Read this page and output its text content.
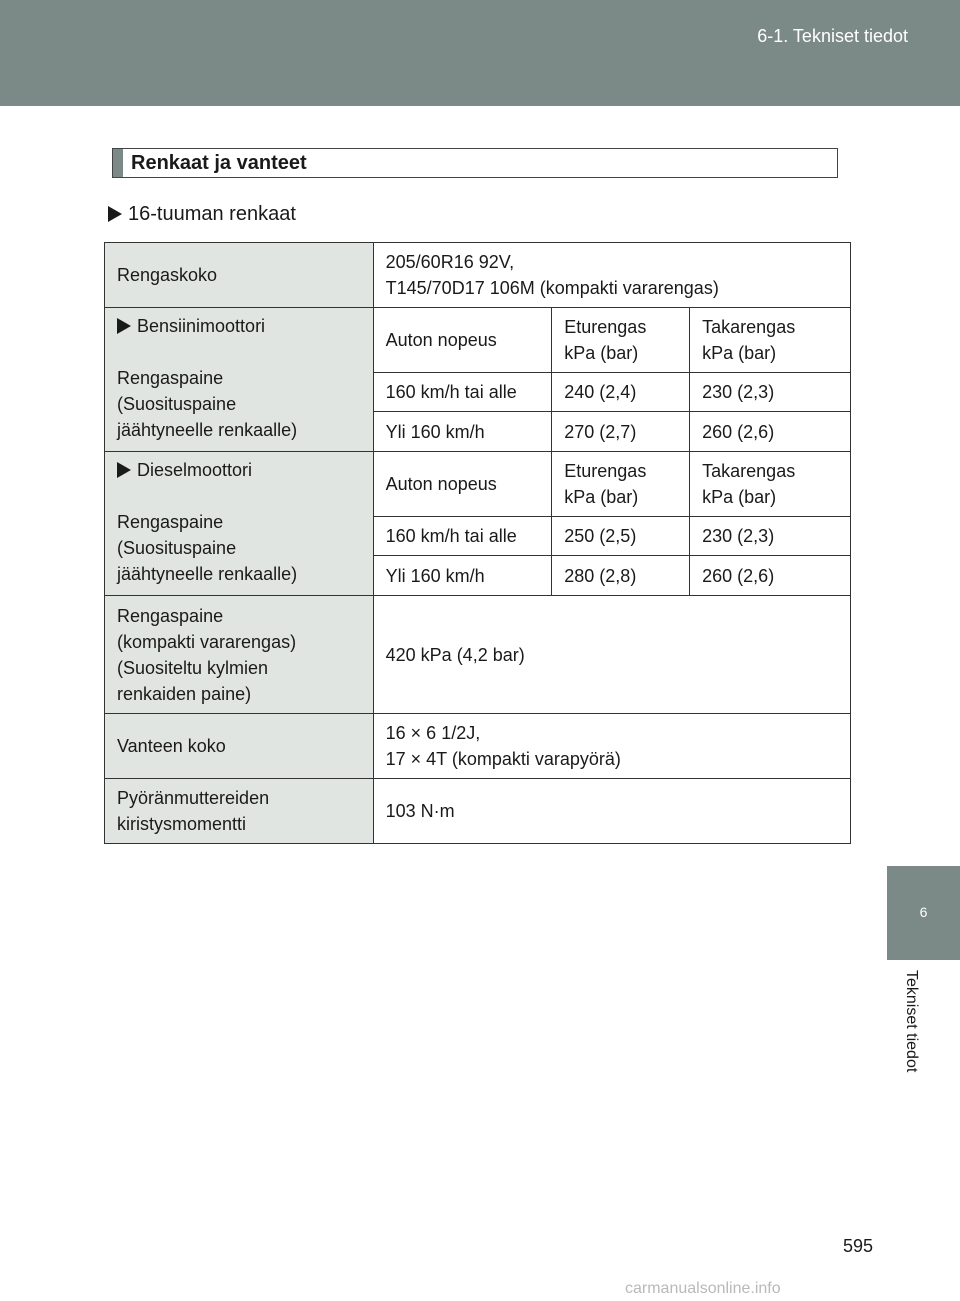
6-1. Tekniset tiedot
6
Tekniset tiedot
Renkaat ja vanteet
16-tuuman renkaat
Rengaskoko	205/60R16 92V,
T145/70D17 106M (kompakti vararengas)		
Bensiinimoottori
Rengaspaine
(Suosituspaine
jäähtyneelle renkaalle)	Auton nopeus	Eturengas
kPa (bar)	Takarengas
kPa (bar)
	160 km/h tai alle	240 (2,4)	230 (2,3)
	Yli 160 km/h	270 (2,7)	260 (2,6)
Dieselmoottori
Rengaspaine
(Suosituspaine
jäähtyneelle renkaalle)	Auton nopeus	Eturengas
kPa (bar)	Takarengas
kPa (bar)
	160 km/h tai alle	250 (2,5)	230 (2,3)
	Yli 160 km/h	280 (2,8)	260 (2,6)
Rengaspaine
(kompakti vararengas)
(Suositeltu kylmien
renkaiden paine)	420 kPa (4,2 bar)		
Vanteen koko	16 × 6 1/2J,
17 × 4T (kompakti varapyörä)		
Pyöränmuttereiden
kiristysmomentti	103 N·m		
595
carmanualsonline.info
